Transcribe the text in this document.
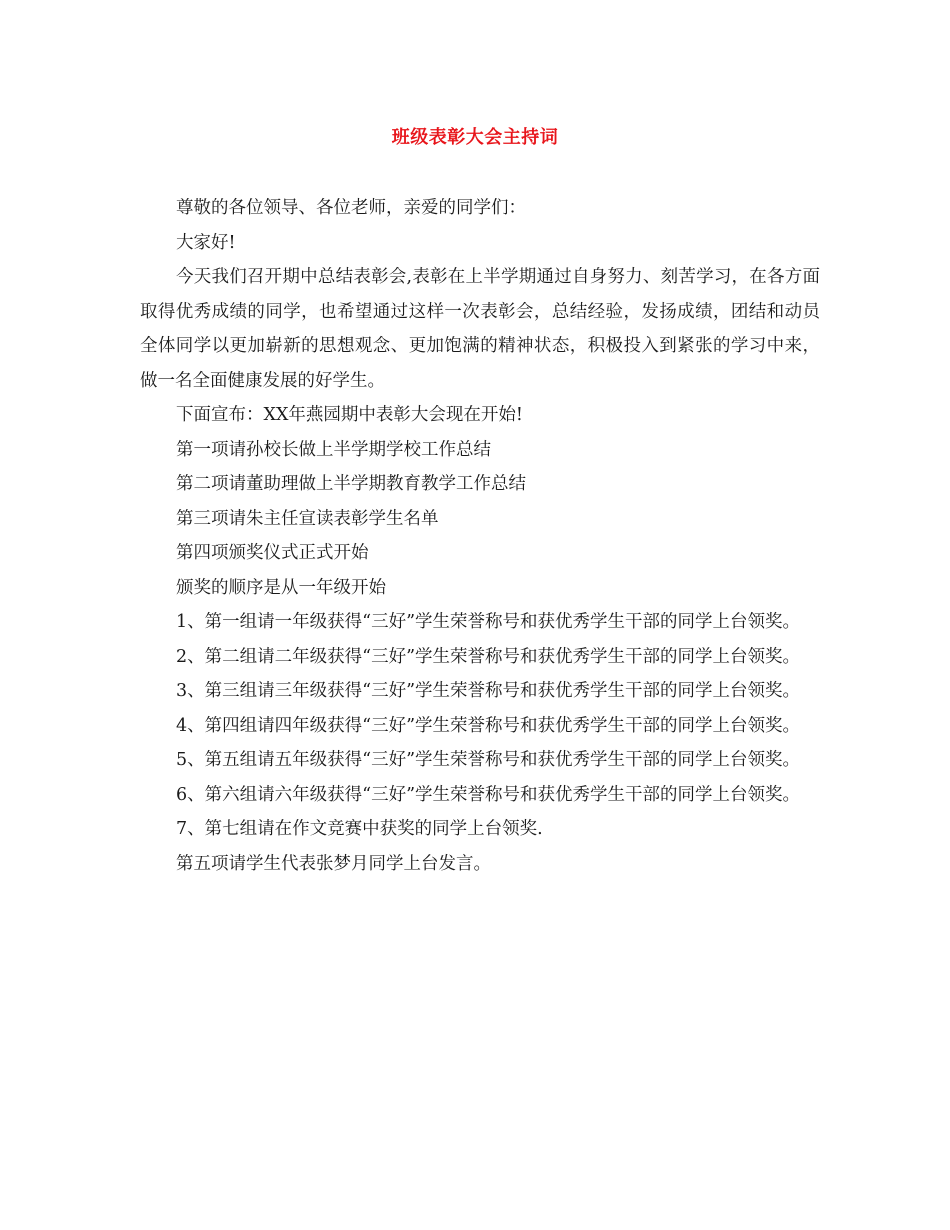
班级表彰大会主持词

尊敬的各位领导、各位老师，亲爱的同学们：

大家好!

今天我们召开期中总结表彰会,表彰在上半学期通过自身努力、刻苦学习，在各方面取得优秀成绩的同学，也希望通过这样一次表彰会，总结经验，发扬成绩，团结和动员全体同学以更加崭新的思想观念、更加饱满的精神状态，积极投入到紧张的学习中来，做一名全面健康发展的好学生。

下面宣布：XX年燕园期中表彰大会现在开始!

第一项请孙校长做上半学期学校工作总结

第二项请董助理做上半学期教育教学工作总结

第三项请朱主任宣读表彰学生名单

第四项颁奖仪式正式开始

颁奖的顺序是从一年级开始

1、第一组请一年级获得“三好”学生荣誉称号和获优秀学生干部的同学上台领奖。

2、第二组请二年级获得“三好”学生荣誉称号和获优秀学生干部的同学上台领奖。

3、第三组请三年级获得“三好”学生荣誉称号和获优秀学生干部的同学上台领奖。

4、第四组请四年级获得“三好”学生荣誉称号和获优秀学生干部的同学上台领奖。

5、第五组请五年级获得“三好”学生荣誉称号和获优秀学生干部的同学上台领奖。

6、第六组请六年级获得“三好”学生荣誉称号和获优秀学生干部的同学上台领奖。

7、第七组请在作文竞赛中获奖的同学上台领奖.

第五项请学生代表张梦月同学上台发言。
